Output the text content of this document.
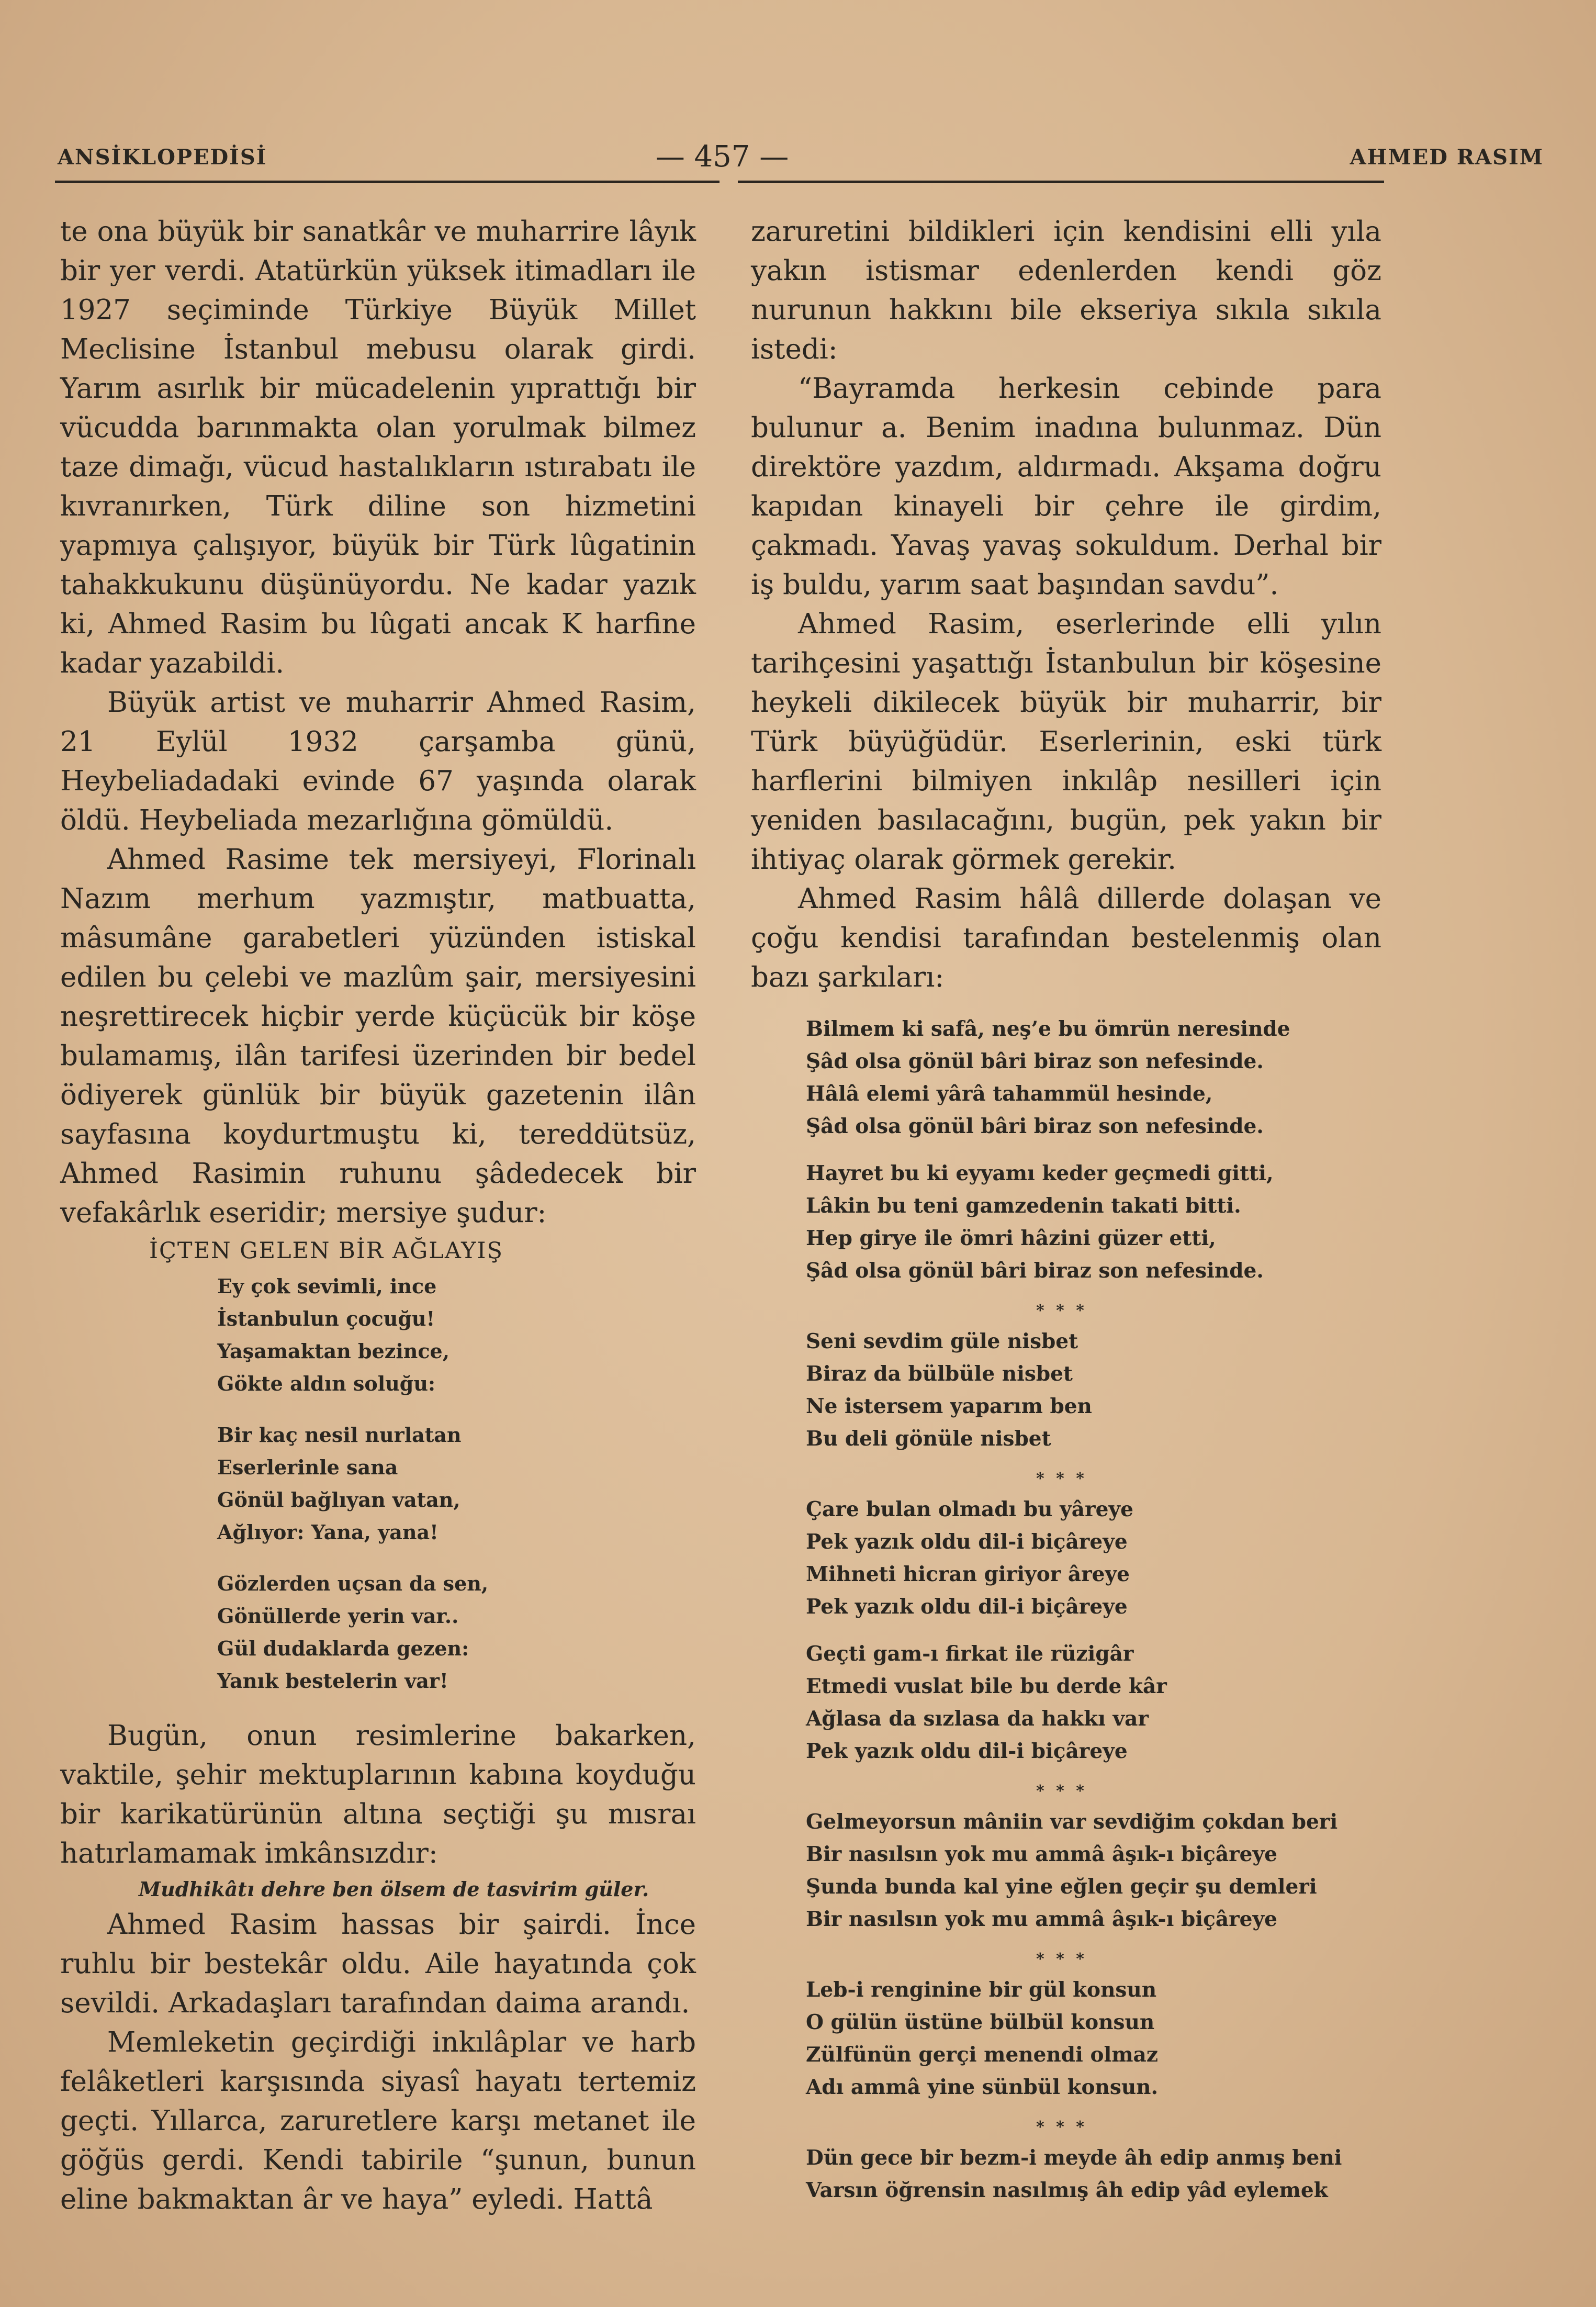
ANSİKLOPEDİSİ	— 457 —	AHMED RASIM

te ona büyük bir sanatkâr ve muharrire lâyık bir yer verdi. Atatürkün yüksek itimadları ile 1927 seçiminde Türkiye Büyük Millet Meclisine İstanbul mebusu olarak girdi. Yarım asırlık bir mücadelenin yıprattığı bir vücudda barınmakta olan yorulmak bilmez taze dimağı, vücud hastalıkların ıstırabatı ile kıvranırken, Türk diline son hizmetini yapmıya çalışıyor, büyük bir Türk lûgatinin tahakkukunu düşünüyordu. Ne kadar yazık ki, Ahmed Rasim bu lûgati ancak K harfine kadar yazabildi.

Büyük artist ve muharrir Ahmed Rasim, 21 Eylül 1932 çarşamba günü, Heybeliadadaki evinde 67 yaşında olarak öldü. Heybeliada mezarlığına gömüldü.

Ahmed Rasime tek mersiyeyi, Florinalı Nazım merhum yazmıştır, matbuatta, mâsumâne garabetleri yüzünden istiskal edilen bu çelebi ve mazlûm şair, mersiyesini neşrettirecek hiçbir yerde küçücük bir köşe bulamamış, ilân tarifesi üzerinden bir bedel ödiyerek günlük bir büyük gazetenin ilân sayfasına koydurtmuştu ki, tereddütsüz, Ahmed Rasimin ruhunu şâdedecek bir vefakârlık eseridir; mersiye şudur:

İÇTEN GELEN BİR AĞLAYIŞ
Ey çok sevimli, ince
İstanbulun çocuğu!
Yaşamaktan bezince,
Gökte aldın soluğu:
Bir kaç nesil nurlatan
Eserlerinle sana
Gönül bağlıyan vatan,
Ağlıyor: Yana, yana!
Gözlerden uçsan da sen,
Gönüllerde yerin var..
Gül dudaklarda gezen:
Yanık bestelerin var!

Bugün, onun resimlerine bakarken, vaktile, şehir mektuplarının kabına koyduğu bir karikatürünün altına seçtiği şu mısraı hatırlamamak imkânsızdır:

Mudhikâtı dehre ben ölsem de tasvirim güler.

Ahmed Rasim hassas bir şairdi. İnce ruhlu bir bestekâr oldu. Aile hayatında çok sevildi. Arkadaşları tarafından daima arandı.

Memleketin geçirdiği inkılâplar ve harb felâketleri karşısında siyasî hayatı tertemiz geçti. Yıllarca, zaruretlere karşı metanet ile göğüs gerdi. Kendi tabirile “şunun, bunun eline bakmaktan âr ve haya” eyledi. Hattâ

zaruretini bildikleri için kendisini elli yıla yakın istismar edenlerden kendi göz nurunun hakkını bile ekseriya sıkıla sıkıla istedi:

“Bayramda herkesin cebinde para bulunur a. Benim inadına bulunmaz. Dün direktöre yazdım, aldırmadı. Akşama doğru kapıdan kinayeli bir çehre ile girdim, çakmadı. Yavaş yavaş sokuldum. Derhal bir iş buldu, yarım saat başından savdu”.

Ahmed Rasim, eserlerinde elli yılın tarihçesini yaşattığı İstanbulun bir köşesine heykeli dikilecek büyük bir muharrir, bir Türk büyüğüdür. Eserlerinin, eski türk harflerini bilmiyen inkılâp nesilleri için yeniden basılacağını, bugün, pek yakın bir ihtiyaç olarak görmek gerekir.

Ahmed Rasim hâlâ dillerde dolaşan ve çoğu kendisi tarafından bestelenmiş olan bazı şarkıları:

Bilmem ki safâ, neş’e bu ömrün neresinde
Şâd olsa gönül bâri biraz son nefesinde.
Hâlâ elemi yârâ tahammül hesinde,
Şâd olsa gönül bâri biraz son nefesinde.
Hayret bu ki eyyamı keder geçmedi gitti,
Lâkin bu teni gamzedenin takati bitti.
Hep girye ile ömri hâzini güzer etti,
Şâd olsa gönül bâri biraz son nefesinde.
* * *
Seni sevdim güle nisbet
Biraz da bülbüle nisbet
Ne istersem yaparım ben
Bu deli gönüle nisbet
* * *
Çare bulan olmadı bu yâreye
Pek yazık oldu dil-i biçâreye
Mihneti hicran giriyor âreye
Pek yazık oldu dil-i biçâreye
Geçti gam-ı firkat ile rüzigâr
Etmedi vuslat bile bu derde kâr
Ağlasa da sızlasa da hakkı var
Pek yazık oldu dil-i biçâreye
* * *
Gelmeyorsun mâniin var sevdiğim çokdan beri
Bir nasılsın yok mu ammâ âşık-ı biçâreye
Şunda bunda kal yine eğlen geçir şu demleri
Bir nasılsın yok mu ammâ âşık-ı biçâreye
* * *
Leb-i renginine bir gül konsun
O gülün üstüne bülbül konsun
Zülfünün gerçi menendi olmaz
Adı ammâ yine sünbül konsun.
* * *
Dün gece bir bezm-i meyde âh edip anmış beni
Varsın öğrensin nasılmış âh edip yâd eylemek
